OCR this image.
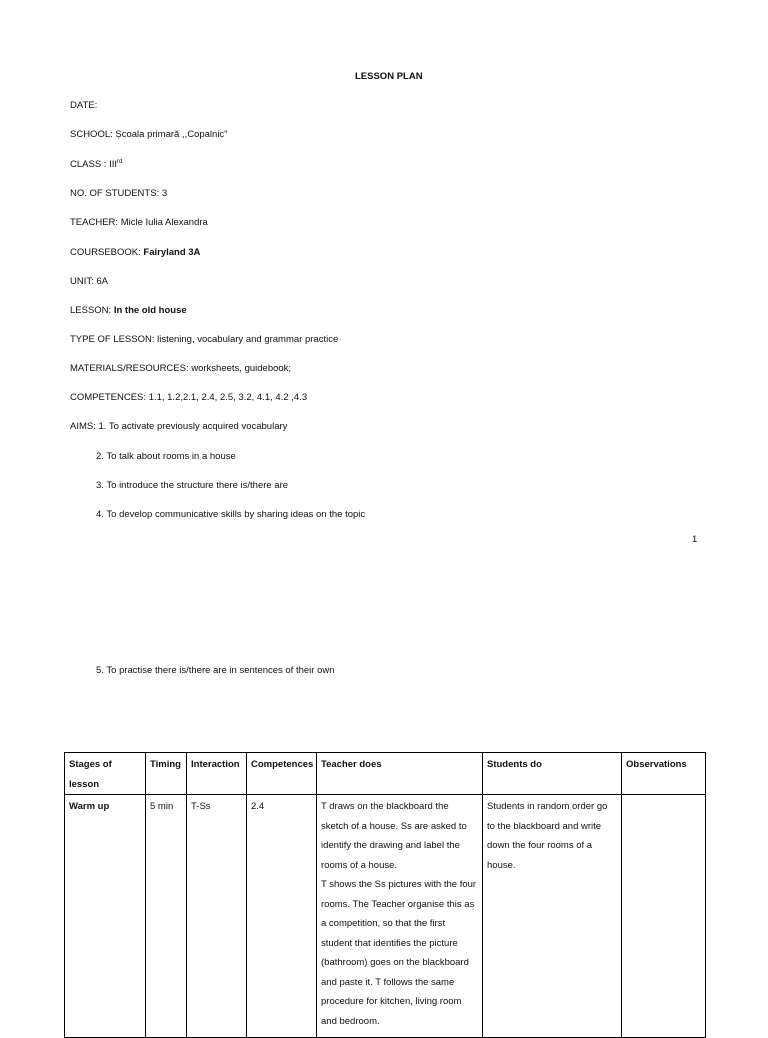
LESSON PLAN
DATE:
SCHOOL: Școala primară ,,Copalnic"
CLASS : IIIrd
NO. OF STUDENTS: 3
TEACHER: Micle Iulia Alexandra
COURSEBOOK: Fairyland 3A
UNIT: 6A
LESSON: In the old house
TYPE OF LESSON: listening, vocabulary and grammar practice
MATERIALS/RESOURCES: worksheets, guidebook;
COMPETENCES: 1.1, 1.2,2.1, 2.4, 2.5, 3.2, 4.1, 4.2 ,4.3
AIMS: 1. To activate previously acquired vocabulary
2. To talk about rooms in a house
3. To introduce the structure there is/there are
4. To develop communicative skills by sharing ideas on the topic
1
5. To practise there is/there are in sentences of their own
Stages of lesson	Timing	Interaction	Competences	Teacher does	Students do	Observations
Warm up	5 min	T-Ss	2.4	T draws on the blackboard the sketch of a house. Ss are asked to identify the drawing and label the rooms of a house.
T shows the Ss pictures with the four rooms. The Teacher organise this as a competition, so that the first student that identifies the picture (bathroom) goes on the blackboard and paste it. T follows the same procedure for kitchen, living room and bedroom.	Students in random order go to the blackboard and write down the four rooms of a house.	
